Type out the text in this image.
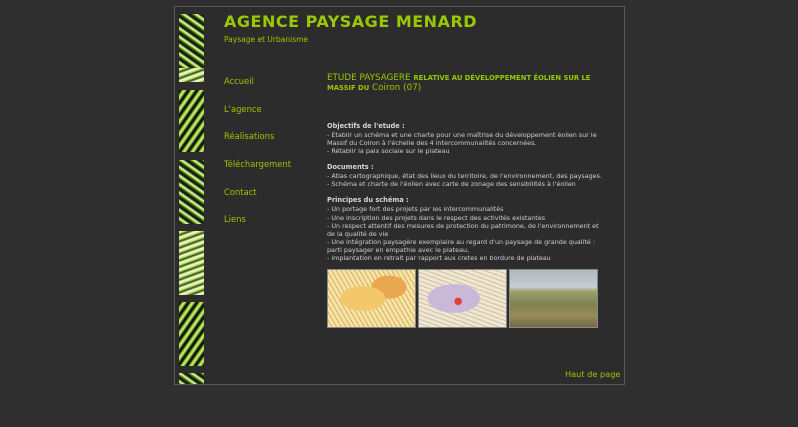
AGENCE PAYSAGE MENARD
Paysage et Urbanisme
Accueil
L'agence
Réalisations
Téléchargement
Contact
Liens
ETUDE PAYSAGERE RELATIVE AU DÉVELOPPEMENT ÉOLIEN SUR LE MASSIF DU Coiron (07)
Objectifs de l'etude :
- Etablir un schéma et une charte pour une maîtrise du développement éolien sur le Massif du Coiron à l'échelle des 4 intercommunalités concernées.
- Rétablir la paix sociale sur le plateau
Documents :
- Atlas cartographique, état des lieux du territoire, de l'environnement, des paysages.
- Schéma et charte de l'éolien avec carte de zonage des sensibilités à l'éolien
Principes du schéma :
- Un portage fort des projets par les intercommunalités
- Une inscription des projets dans le respect des activités existantes
- Un respect attentif des mesures de protection du patrimone, de l'environnement et de la qualité de vie
- Une intégration paysagère exemplaire au regard d'un paysage de grande qualité : parti paysager en empathie avec le plateau,
- implantation en retrait par rapport aux cretes en bordure de plateau
Haut de page
